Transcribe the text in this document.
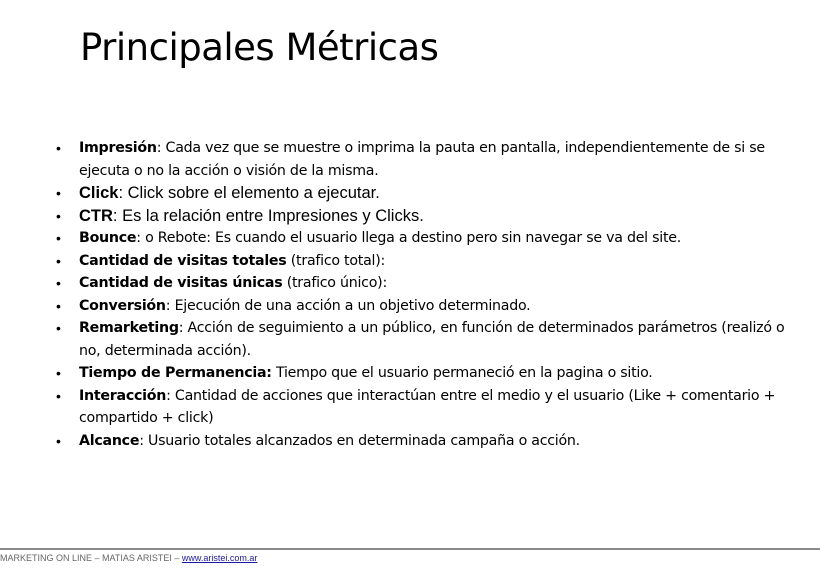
Principales Métricas
• Impresión: Cada vez que se muestre o imprima la pauta en pantalla, independientemente de si se ejecuta o no la acción o visión de la misma.
• Click: Click sobre el elemento a ejecutar.
• CTR: Es la relación entre Impresiones y Clicks.
• Bounce: o Rebote: Es cuando el usuario llega a destino pero sin navegar se va del site.
• Cantidad de visitas totales (trafico total):
• Cantidad de visitas únicas (trafico único):
• Conversión: Ejecución de una acción a un objetivo determinado.
• Remarketing: Acción de seguimiento a un público, en función de determinados parámetros (realizó o no, determinada acción).
• Tiempo de Permanencia: Tiempo que el usuario permaneció en la pagina o sitio.
• Interacción: Cantidad de acciones que interactúan entre el medio y el usuario (Like + comentario + compartido + click)
• Alcance: Usuario totales alcanzados en determinada campaña o acción.
MARKETING ON LINE – MATIAS ARISTEI – www.aristei.com.ar
